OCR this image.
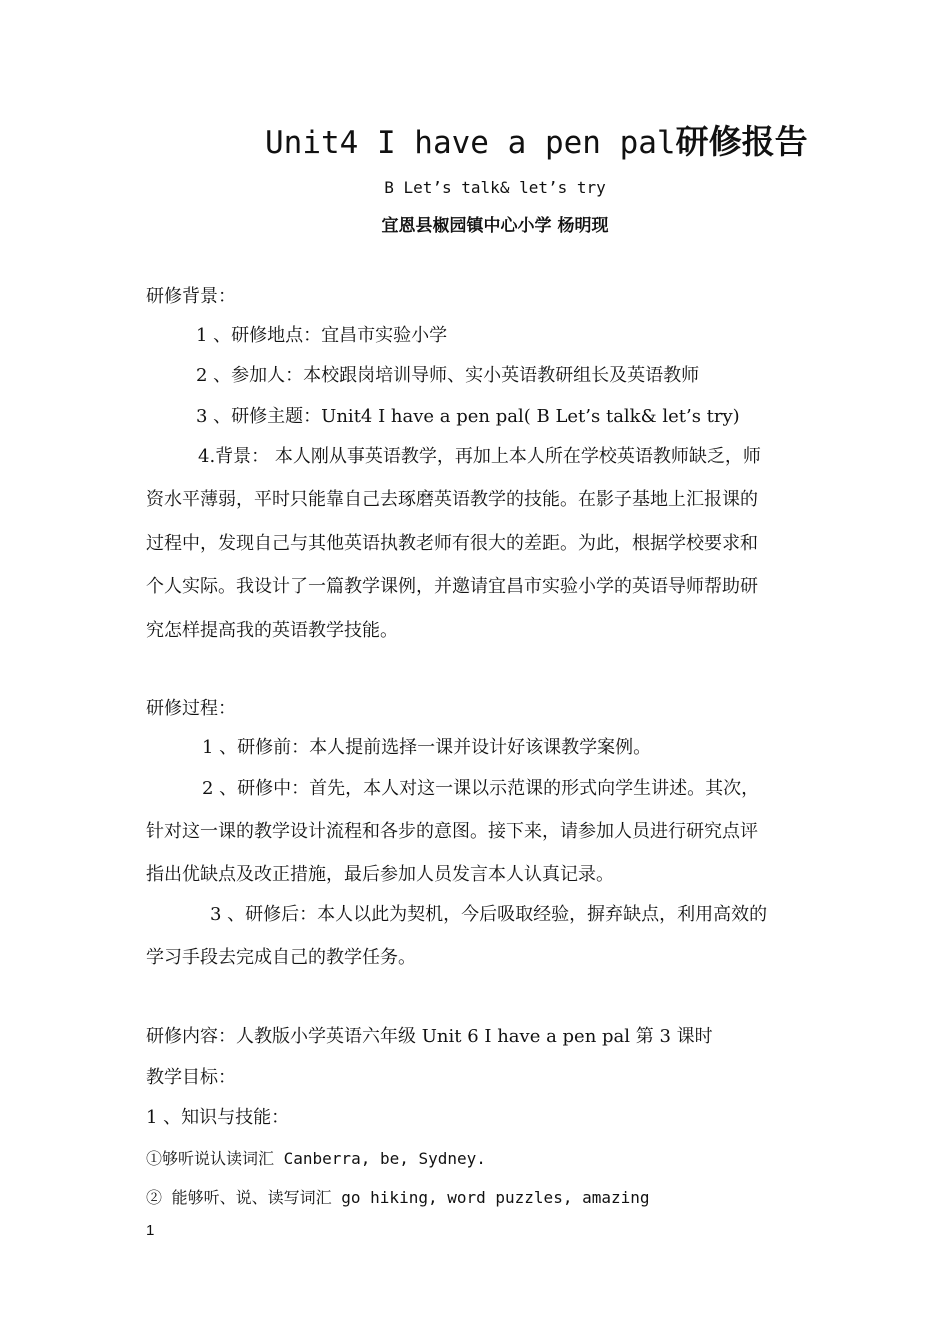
Unit4 I have a pen pal研修报告
B Let’s talk& let’s try
宜恩县椒园镇中心小学 杨明现
研修背景：
1 、研修地点：宜昌市实验小学
2 、参加人：本校跟岗培训导师、实小英语教研组长及英语教师
3 、研修主题：Unit4 I have a pen pal( B Let’s talk& let’s try)
4.背景： 本人刚从事英语教学，再加上本人所在学校英语教师缺乏，师
资水平薄弱，平时只能靠自己去琢磨英语教学的技能。在影子基地上汇报课的
过程中，发现自己与其他英语执教老师有很大的差距。为此，根据学校要求和
个人实际。我设计了一篇教学课例，并邀请宜昌市实验小学的英语导师帮助研
究怎样提高我的英语教学技能。
研修过程：
1 、研修前：本人提前选择一课并设计好该课教学案例。
2 、研修中：首先，本人对这一课以示范课的形式向学生讲述。其次，
针对这一课的教学设计流程和各步的意图。接下来，请参加人员进行研究点评
指出优缺点及改正措施，最后参加人员发言本人认真记录。
3 、研修后：本人以此为契机，今后吸取经验，摒弃缺点，利用高效的
学习手段去完成自己的教学任务。
研修内容：人教版小学英语六年级 Unit 6 I have a pen pal 第 3 课时
教学目标：
1 、知识与技能：
①够听说认读词汇 Canberra, be, Sydney.
② 能够听、说、读写词汇 go hiking, word puzzles, amazing
1
